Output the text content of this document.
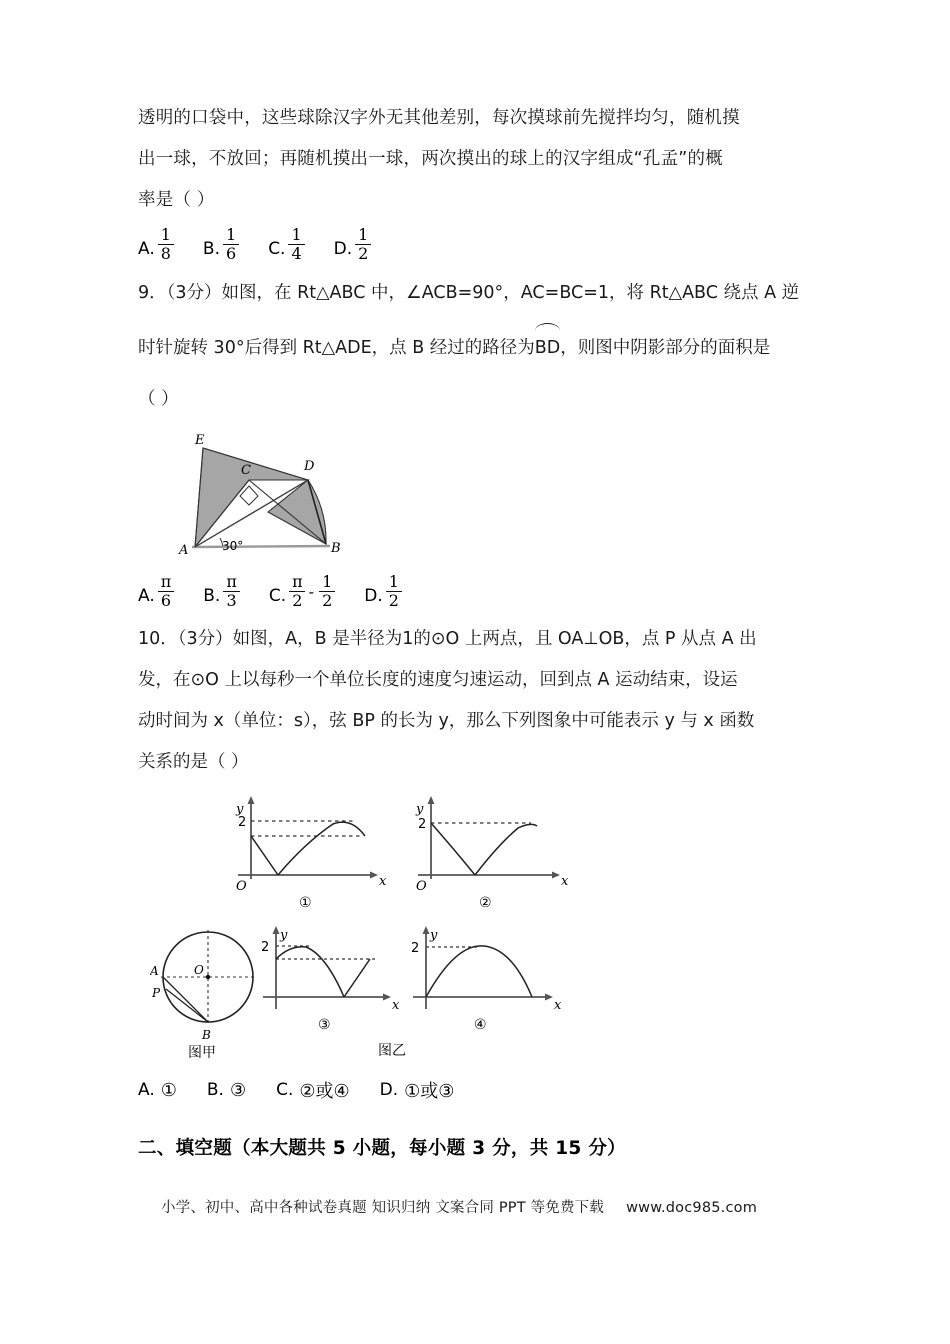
透明的口袋中，这些球除汉字外无其他差别，每次摸球前先搅拌均匀，随机摸
出一球，不放回；再随机摸出一球，两次摸出的球上的汉字组成“孔孟”的概
率是（ ）
A. $\frac{1}{8} B$. $\frac{1}{6} C$. $\frac{1}{4} D$. $\frac{1}{2}$
9．（3分）如图，在 Rt△ABC 中，∠ACB=90°，AC=BC=1，将 Rt△ABC 绕点 A 逆
时针旋转 30°后得到 Rt△ADE，点 B 经过的路径为
BD，则图中阴影部分的面积是
（ ）
A	B
C	D
E
30°
A. $\frac{\pi}{6} B$. $\frac{\pi}{3} C$. $\frac{\pi}{2} - \frac{1}{2} D$. $\frac{1}{2}$
10．（3分）如图，A，B 是半径为1的⊙O 上两点，且 OA⊥OB，点 P 从点 A 出
发，在⊙O 上以每秒一个单位长度的速度匀速运动，回到点 A 运动结束，设运
动时间为 x（单位：s），弦 BP 的长为 y，那么下列图象中可能表示 y 与 x 函数
关系的是（ ）
y
x
O
2
①
y
x
O
2
②
A
P
O
B
图甲
y
x
2
③
图乙
y
x
2
④
A. ① B. ③ C. ②或④ D. ①或③
二、填空题（本大题共 5 小题，每小题 3 分，共 15 分）
小学、初中、高中各种试卷真题 知识归纳 文案合同 PPT 等免费下载 www.doc985.com
